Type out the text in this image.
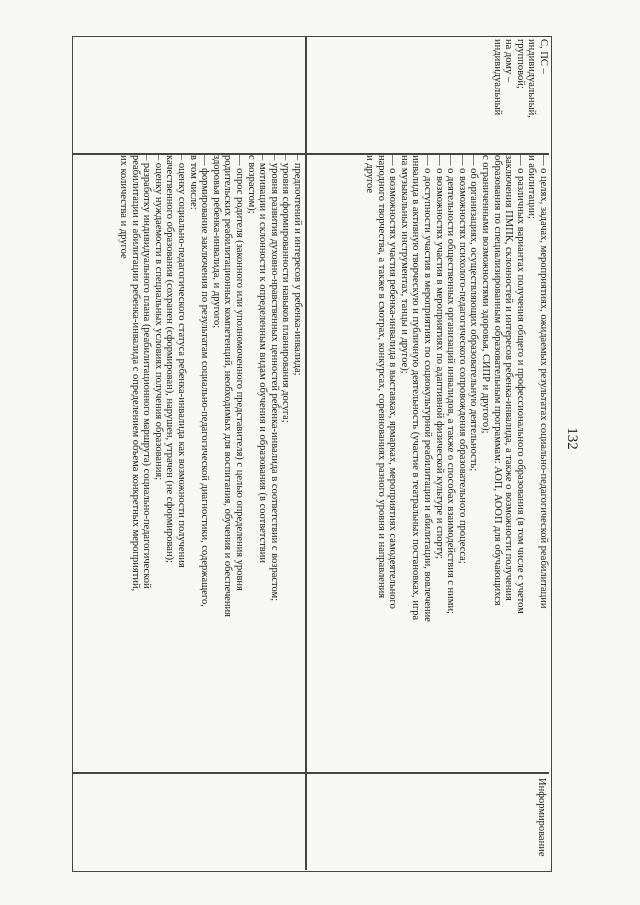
132

– предпочтений и интересов у ребенка-инвалида;

– уровня сформированности навыков планирования досуга;

– уровня развития духовно-нравственных ценностей ребенка-инвалида в соответствии с возрастом;

– мотивации и склонности к определенным видам обучения и образования (в соответствии

с возрастом);

— опрос родителя (законного или уполномоченного представителя) с целью определения уровня

родительских реабилитационных компетенций, необходимых для воспитания, обучения и обеспечения

здоровья ребенка-инвалида, и другого;

— формирование заключения по результатам социально-педагогической диагностики, содержащего,

в том числе:

– оценку социально-педагогического статуса ребенка-инвалида как возможности получения

качественного образования (сохранен (сформирован), нарушен, утрачен (не сформирован);

– оценку нуждаемости в специальных условиях получения образования;

– разработку индивидуального плана (реабилитационного маршрута) социально-педагогической

реабилитации и абилитации ребенка-инвалида с определением объема конкретных мероприятий,

их количества и другое

Информирование

— о целях, задачах, мероприятиях, ожидаемых результатах социально-педагогической реабилитации

и абилитации;

— о различных вариантах получения общего и профессионального образования (в том числе с учетом

заключения ПМПК, склонностей и интересов ребенка-инвалида, а также о возможности получения

образования по специализированным образовательным программам: АОП, АООП для обучающихся

с ограниченными возможностями здоровья, СИПР и другого);

— об организациях, осуществляющих образовательную деятельность;

— о возможностях психолого-педагогического сопровождения образовательного процесса;

— о деятельности общественных организаций инвалидов, а также о способах взаимодействия с ними;

— о возможностях участия в мероприятиях по адаптивной физической культуре и спорту;

— о доступности участия в мероприятиях по социокультурной реабилитации и абилитации, вовлечение

инвалида в активную творческую и публичную деятельность (участие в театральных постановках, игра

на музыкальных инструментах, танцы и другое);

— о возможностях участия ребенка-инвалида в выставках, ярмарках, мероприятиях самодеятельного

народного творчества, а также в смотрах, конкурсах, соревнованиях разного уровня и направления

и другое

С, ПС –

индивидуальный,

групповой;

на дому –

индивидуальный
